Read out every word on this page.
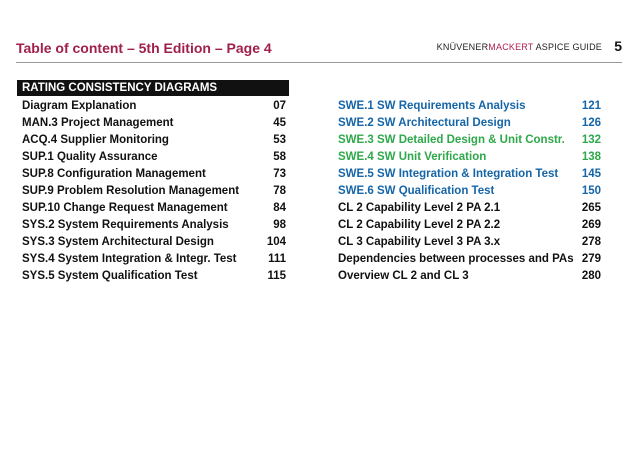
Table of content – 5th Edition – Page 4	KNÜVENERMACKERT ASPICE GUIDE 5
RATING CONSISTENCY DIAGRAMS
Diagram Explanation	07
MAN.3 Project Management	45
ACQ.4 Supplier Monitoring	53
SUP.1 Quality Assurance	58
SUP.8 Configuration Management	73
SUP.9 Problem Resolution Management	78
SUP.10 Change Request Management	84
SYS.2 System Requirements Analysis	98
SYS.3 System Architectural Design	104
SYS.4 System Integration & Integr. Test	111
SYS.5 System Qualification Test	115
SWE.1 SW Requirements Analysis	121
SWE.2 SW Architectural Design	126
SWE.3 SW Detailed Design & Unit Constr. 132
SWE.4 SW Unit Verification	138
SWE.5 SW Integration & Integration Test 145
SWE.6 SW Qualification Test	150
CL 2 Capability Level 2 PA 2.1	265
CL 2 Capability Level 2 PA 2.2	269
CL 3 Capability Level 3 PA 3.x	278
Dependencies between processes and PAs 279
Overview CL 2 and CL 3	280
